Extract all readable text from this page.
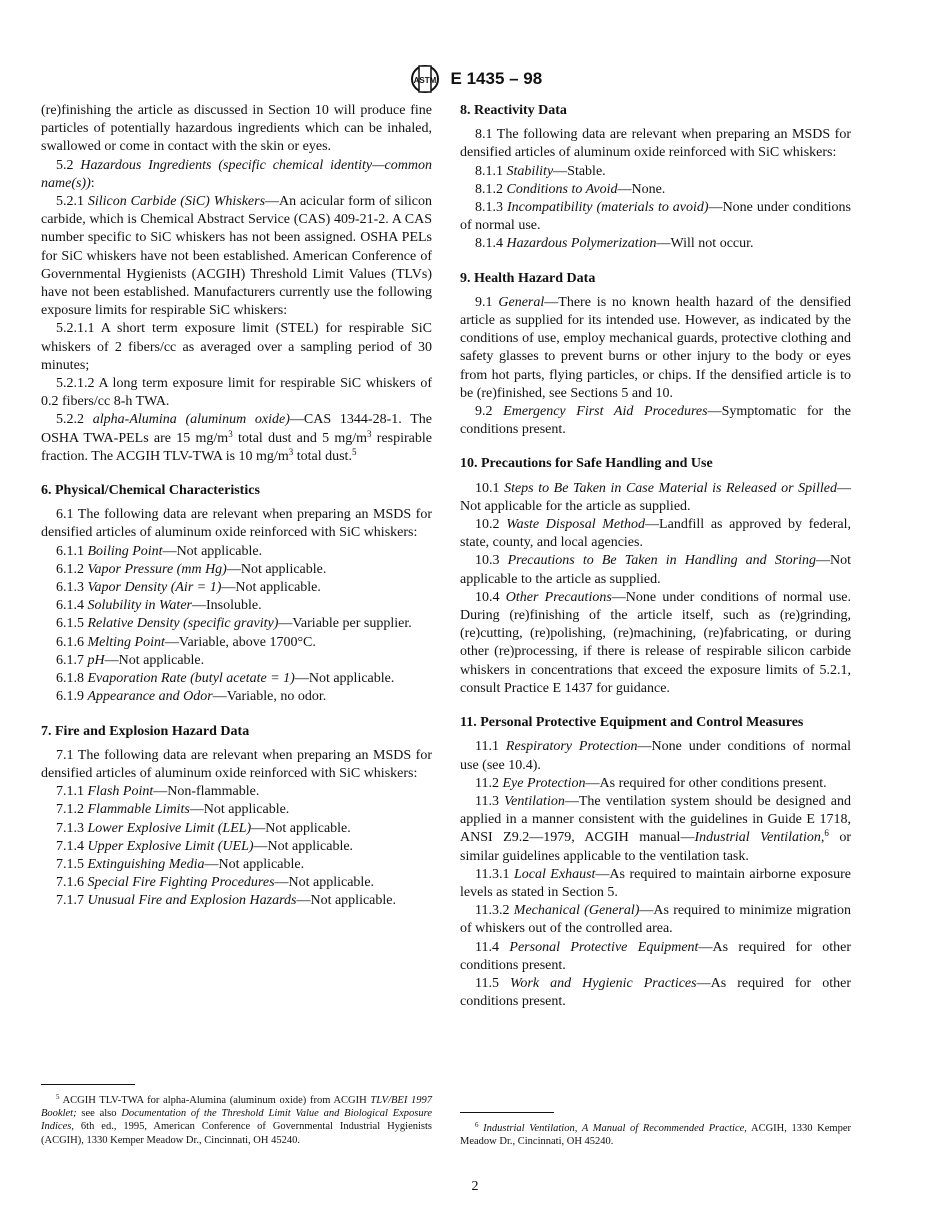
ASTM E 1435 – 98

(re)finishing the article as discussed in Section 10 will produce fine particles of potentially hazardous ingredients which can be inhaled, swallowed or come in contact with the skin or eyes.

5.2 Hazardous Ingredients (specific chemical identity—common name(s)):

5.2.1 Silicon Carbide (SiC) Whiskers—An acicular form of silicon carbide, which is Chemical Abstract Service (CAS) 409-21-2. A CAS number specific to SiC whiskers has not been assigned. OSHA PELs for SiC whiskers have not been established. American Conference of Governmental Hygienists (ACGIH) Threshold Limit Values (TLVs) have not been established. Manufacturers currently use the following exposure limits for respirable SiC whiskers:

5.2.1.1 A short term exposure limit (STEL) for respirable SiC whiskers of 2 fibers/cc as averaged over a sampling period of 30 minutes;

5.2.1.2 A long term exposure limit for respirable SiC whiskers of 0.2 fibers/cc 8-h TWA.

5.2.2 alpha-Alumina (aluminum oxide)—CAS 1344-28-1. The OSHA TWA-PELs are 15 $mg/m^3$ total dust and 5 $mg/m^3$ respirable fraction. The ACGIH TLV-TWA is 10 $mg/m^3$ total dust.$^5$

6. Physical/Chemical Characteristics

6.1 The following data are relevant when preparing an MSDS for densified articles of aluminum oxide reinforced with SiC whiskers:

6.1.1 Boiling Point—Not applicable.

6.1.2 Vapor Pressure (mm Hg)—Not applicable.

6.1.3 Vapor Density (Air = 1)—Not applicable.

6.1.4 Solubility in Water—Insoluble.

6.1.5 Relative Density (specific gravity)—Variable per supplier.

6.1.6 Melting Point—Variable, above 1700°C.

6.1.7 pH—Not applicable.

6.1.8 Evaporation Rate (butyl acetate = 1)—Not applicable.

6.1.9 Appearance and Odor—Variable, no odor.

7. Fire and Explosion Hazard Data

7.1 The following data are relevant when preparing an MSDS for densified articles of aluminum oxide reinforced with SiC whiskers:

7.1.1 Flash Point—Non-flammable.

7.1.2 Flammable Limits—Not applicable.

7.1.3 Lower Explosive Limit (LEL)—Not applicable.

7.1.4 Upper Explosive Limit (UEL)—Not applicable.

7.1.5 Extinguishing Media—Not applicable.

7.1.6 Special Fire Fighting Procedures—Not applicable.

7.1.7 Unusual Fire and Explosion Hazards—Not applicable.

8. Reactivity Data

8.1 The following data are relevant when preparing an MSDS for densified articles of aluminum oxide reinforced with SiC whiskers:

8.1.1 Stability—Stable.

8.1.2 Conditions to Avoid—None.

8.1.3 Incompatibility (materials to avoid)—None under conditions of normal use.

8.1.4 Hazardous Polymerization—Will not occur.

9. Health Hazard Data

9.1 General—There is no known health hazard of the densified article as supplied for its intended use. However, as indicated by the conditions of use, employ mechanical guards, protective clothing and safety glasses to prevent burns or other injury to the body or eyes from hot parts, flying particles, or chips. If the densified article is to be (re)finished, see Sections 5 and 10.

9.2 Emergency First Aid Procedures—Symptomatic for the conditions present.

10. Precautions for Safe Handling and Use

10.1 Steps to Be Taken in Case Material is Released or Spilled—Not applicable for the article as supplied.

10.2 Waste Disposal Method—Landfill as approved by federal, state, county, and local agencies.

10.3 Precautions to Be Taken in Handling and Storing—Not applicable to the article as supplied.

10.4 Other Precautions—None under conditions of normal use. During (re)finishing of the article itself, such as (re)grinding, (re)cutting, (re)polishing, (re)machining, (re)fabricating, or during other (re)processing, if there is release of respirable silicon carbide whiskers in concentrations that exceed the exposure limits of 5.2.1, consult Practice E 1437 for guidance.

11. Personal Protective Equipment and Control Measures

11.1 Respiratory Protection—None under conditions of normal use (see 10.4).

11.2 Eye Protection—As required for other conditions present.

11.3 Ventilation—The ventilation system should be designed and applied in a manner consistent with the guidelines in Guide E 1718, ANSI Z9.2—1979, ACGIH manual—Industrial Ventilation,$^6$ or similar guidelines applicable to the ventilation task.

11.3.1 Local Exhaust—As required to maintain airborne exposure levels as stated in Section 5.

11.3.2 Mechanical (General)—As required to minimize migration of whiskers out of the controlled area.

11.4 Personal Protective Equipment—As required for other conditions present.

11.5 Work and Hygienic Practices—As required for other conditions present.

$^5$ ACGIH TLV-TWA for alpha-Alumina (aluminum oxide) from ACGIH TLV/BEI 1997 Booklet; see also Documentation of the Threshold Limit Value and Biological Exposure Indices, 6th ed., 1995, American Conference of Governmental Industrial Hygienists (ACGIH), 1330 Kemper Meadow Dr., Cincinnati, OH 45240.

$^6$ Industrial Ventilation, A Manual of Recommended Practice, ACGIH, 1330 Kemper Meadow Dr., Cincinnati, OH 45240.

2
